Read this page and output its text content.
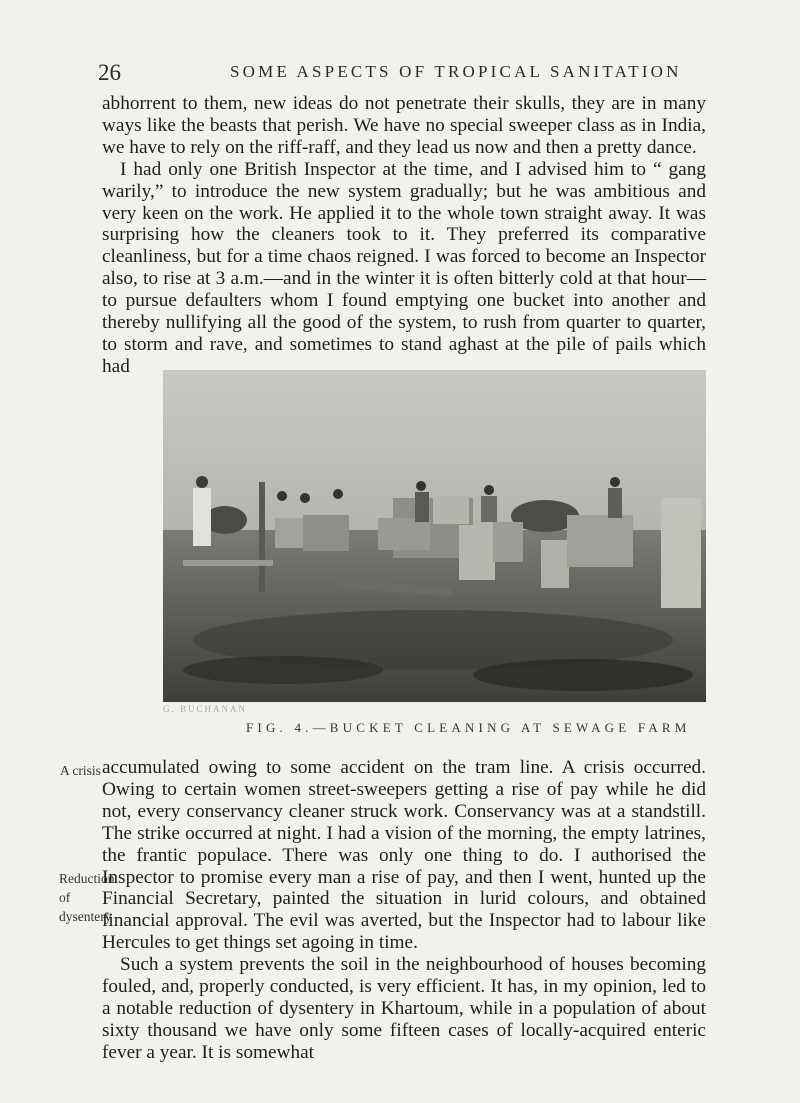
26	SOME ASPECTS OF TROPICAL SANITATION

abhorrent to them, new ideas do not penetrate their skulls, they are in many ways like the beasts that perish. We have no special sweeper class as in India, we have to rely on the riff-raff, and they lead us now and then a pretty dance.

I had only one British Inspector at the time, and I advised him to “ gang warily,” to introduce the new system gradually; but he was ambitious and very keen on the work. He applied it to the whole town straight away. It was surprising how the cleaners took to it. They preferred its comparative cleanliness, but for a time chaos reigned. I was forced to become an Inspector also, to rise at 3 a.m.—and in the winter it is often bitterly cold at that hour—to pursue defaulters whom I found emptying one bucket into another and thereby nullifying all the good of the system, to rush from quarter to quarter, to storm and rave, and sometimes to stand aghast at the pile of pails which had

G. BUCHANAN
FIG. 4.—BUCKET CLEANING AT SEWAGE FARM
A crisis
Reduction of dysentery

accumulated owing to some accident on the tram line. A crisis occurred. Owing to certain women street-sweepers getting a rise of pay while he did not, every conservancy cleaner struck work. Conservancy was at a standstill. The strike occurred at night. I had a vision of the morning, the empty latrines, the frantic populace. There was only one thing to do. I authorised the Inspector to promise every man a rise of pay, and then I went, hunted up the Financial Secretary, painted the situation in lurid colours, and obtained financial approval. The evil was averted, but the Inspector had to labour like Hercules to get things set agoing in time.

Such a system prevents the soil in the neighbourhood of houses becoming fouled, and, properly conducted, is very efficient. It has, in my opinion, led to a notable reduction of dysentery in Khartoum, while in a population of about sixty thousand we have only some fifteen cases of locally-acquired enteric fever a year. It is somewhat
